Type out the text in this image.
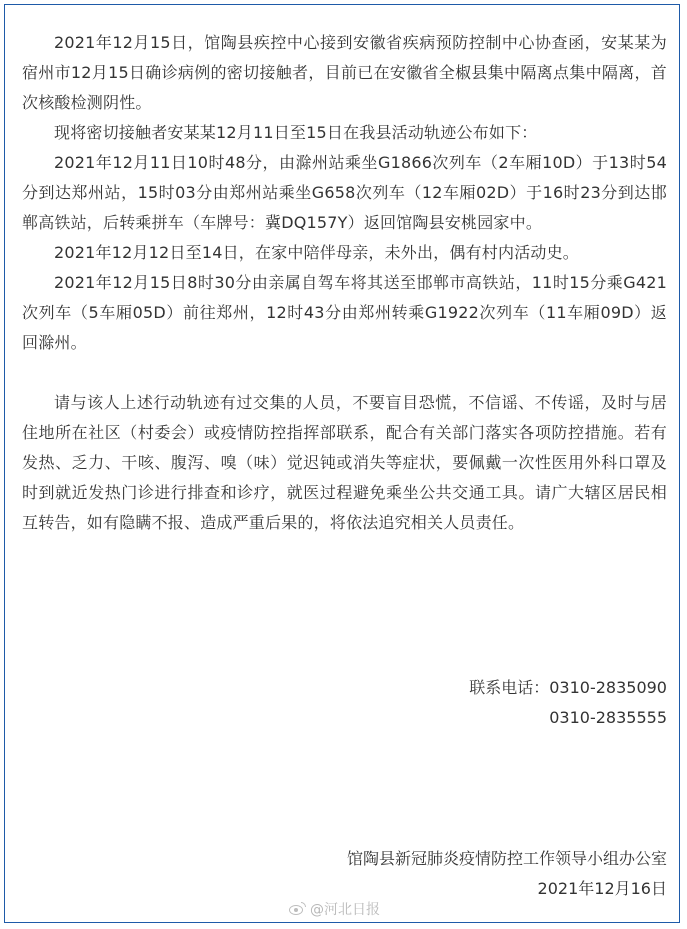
2021年12月15日，馆陶县疾控中心接到安徽省疾病预防控制中心协查函，安某某为宿州市12月15日确诊病例的密切接触者，目前已在安徽省全椒县集中隔离点集中隔离，首次核酸检测阴性。

现将密切接触者安某某12月11日至15日在我县活动轨迹公布如下：

2021年12月11日10时48分，由滁州站乘坐G1866次列车（2车厢10D）于13时54分到达郑州站，15时03分由郑州站乘坐G658次列车（12车厢02D）于16时23分到达邯郸高铁站，后转乘拼车（车牌号：冀DQ157Y）返回馆陶县安桃园家中。

2021年12月12日至14日，在家中陪伴母亲，未外出，偶有村内活动史。

2021年12月15日8时30分由亲属自驾车将其送至邯郸市高铁站，11时15分乘G421次列车（5车厢05D）前往郑州，12时43分由郑州转乘G1922次列车（11车厢09D）返回滁州。

请与该人上述行动轨迹有过交集的人员，不要盲目恐慌，不信谣、不传谣，及时与居住地所在社区（村委会）或疫情防控指挥部联系，配合有关部门落实各项防控措施。若有发热、乏力、干咳、腹泻、嗅（味）觉迟钝或消失等症状，要佩戴一次性医用外科口罩及时到就近发热门诊进行排查和诊疗，就医过程避免乘坐公共交通工具。请广大辖区居民相互转告，如有隐瞒不报、造成严重后果的，将依法追究相关人员责任。

联系电话：0310-2835090
0310-2835555
馆陶县新冠肺炎疫情防控工作领导小组办公室
2021年12月16日
@河北日报
